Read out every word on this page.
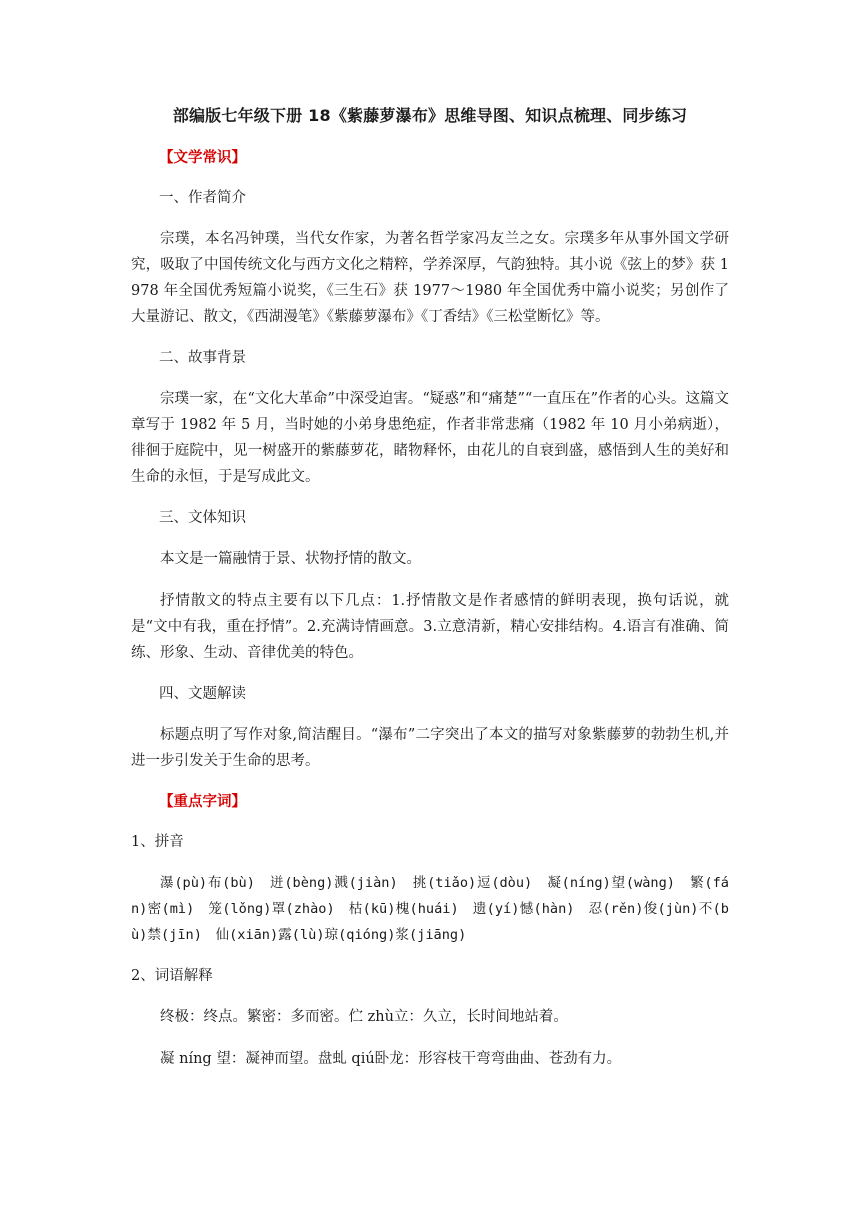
部编版七年级下册 18《紫藤萝瀑布》思维导图、知识点梳理、同步练习
【文学常识】
一、作者简介

宗璞，本名冯钟璞，当代女作家，为著名哲学家冯友兰之女。宗璞多年从事外国文学研究，吸取了中国传统文化与西方文化之精粹，学养深厚，气韵独特。其小说《弦上的梦》获 1978 年全国优秀短篇小说奖，《三生石》获 1977～1980 年全国优秀中篇小说奖；另创作了大量游记、散文，《西湖漫笔》《紫藤萝瀑布》《丁香结》《三松堂断忆》等。

二、故事背景

宗璞一家，在“文化大革命”中深受迫害。“疑惑”和“痛楚”“一直压在”作者的心头。这篇文章写于 1982 年 5 月，当时她的小弟身患绝症，作者非常悲痛（1982 年 10 月小弟病逝），徘徊于庭院中，见一树盛开的紫藤萝花，睹物释怀，由花儿的自衰到盛，感悟到人生的美好和生命的永恒，于是写成此文。

三、文体知识

本文是一篇融情于景、状物抒情的散文。

抒情散文的特点主要有以下几点：1.抒情散文是作者感情的鲜明表现，换句话说，就是“文中有我，重在抒情”。2.充满诗情画意。3.立意清新，精心安排结构。4.语言有准确、简练、形象、生动、音律优美的特色。

四、文题解读

标题点明了写作对象,简洁醒目。“瀑布”二字突出了本文的描写对象紫藤萝的勃勃生机,并进一步引发关于生命的思考。

【重点字词】
1、拼音

瀑(pù)布(bù)　迸(bèng)溅(jiàn)　挑(tiǎo)逗(dòu)　凝(níng)望(wàng)　繁(fán)密(mì)　笼(lǒng)罩(zhào)　枯(kū)槐(huái)　遗(yí)憾(hàn)　忍(rěn)俊(jùn)不(bù)禁(jīn)　仙(xiān)露(lù)琼(qióng)浆(jiāng)

2、词语解释

终极：终点。繁密：多而密。伫 zhù立：久立，长时间地站着。

凝 níng 望：凝神而望。盘虬 qiú卧龙：形容枝干弯弯曲曲、苍劲有力。
